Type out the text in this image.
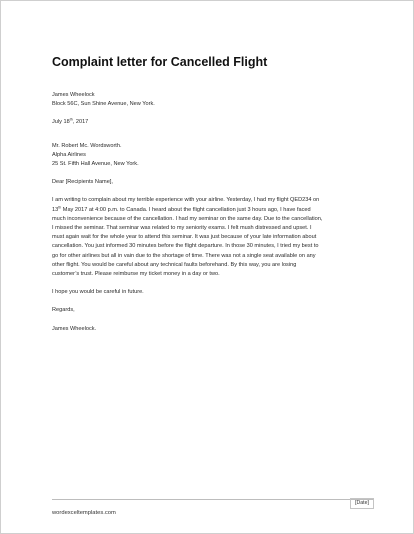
Complaint letter for Cancelled Flight
James Wheelock
Block 56C, Sun Shine Avenue, New York.
July 18th, 2017
Mr. Robert Mc. Wordsworth.
Alpha Airlines
25 St. Fifth Hall Avenue, New York.
Dear [Recipients Name],
I am writing to complain about my terrible experience with your airline. Yesterday, I had my flight QED234 on
13th May 2017 at 4:00 p.m. to Canada. I heard about the flight cancellation just 3 hours ago, I have faced
much inconvenience because of the cancellation. I had my seminar on the same day. Due to the cancellation,
I missed the seminar. That seminar was related to my seniority exams. I felt mush distressed and upset. I
must again wait for the whole year to attend this seminar. It was just because of your late information about
cancellation. You just informed 30 minutes before the flight departure. In those 30 minutes, I tried my best to
go for other airlines but all in vain due to the shortage of time. There was not a single seat available on any
other flight. You would be careful about any technical faults beforehand. By this way, you are losing
customer’s trust. Please reimburse my ticket money in a day or two.
I hope you would be careful in future.
Regards,
James Wheelock.
wordexceltemplates.com
[Date]
